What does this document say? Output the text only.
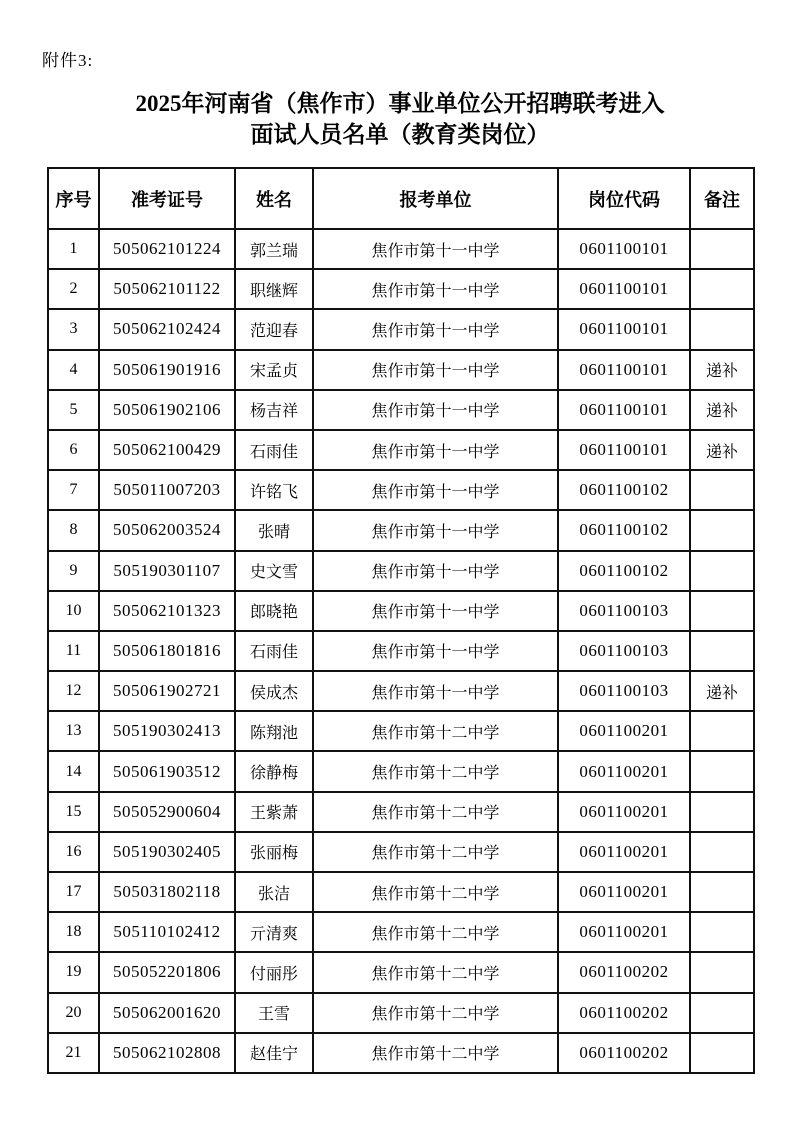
附件3:
2025年河南省（焦作市）事业单位公开招聘联考进入
面试人员名单（教育类岗位）
序号	准考证号	姓名	报考单位	岗位代码	备注
1	505062101224	郭兰瑞	焦作市第十一中学	0601100101	
2	505062101122	职继辉	焦作市第十一中学	0601100101	
3	505062102424	范迎春	焦作市第十一中学	0601100101	
4	505061901916	宋孟贞	焦作市第十一中学	0601100101	递补
5	505061902106	杨吉祥	焦作市第十一中学	0601100101	递补
6	505062100429	石雨佳	焦作市第十一中学	0601100101	递补
7	505011007203	许铭飞	焦作市第十一中学	0601100102	
8	505062003524	张晴	焦作市第十一中学	0601100102	
9	505190301107	史文雪	焦作市第十一中学	0601100102	
10	505062101323	郎晓艳	焦作市第十一中学	0601100103	
11	505061801816	石雨佳	焦作市第十一中学	0601100103	
12	505061902721	侯成杰	焦作市第十一中学	0601100103	递补
13	505190302413	陈翔池	焦作市第十二中学	0601100201	
14	505061903512	徐静梅	焦作市第十二中学	0601100201	
15	505052900604	王紫萧	焦作市第十二中学	0601100201	
16	505190302405	张丽梅	焦作市第十二中学	0601100201	
17	505031802118	张洁	焦作市第十二中学	0601100201	
18	505110102412	亓清爽	焦作市第十二中学	0601100201	
19	505052201806	付丽彤	焦作市第十二中学	0601100202	
20	505062001620	王雪	焦作市第十二中学	0601100202	
21	505062102808	赵佳宁	焦作市第十二中学	0601100202	
